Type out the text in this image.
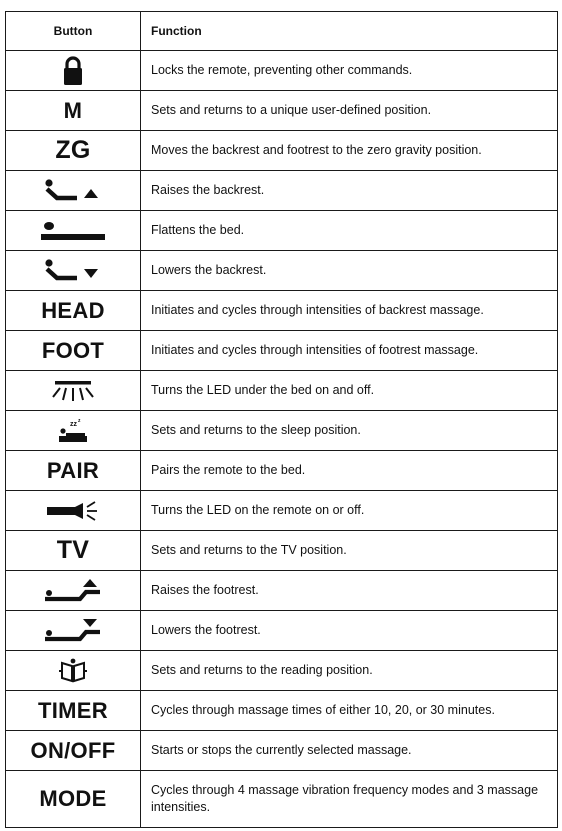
Button	Function

	Locks the remote, preventing other commands.
M	Sets and returns to a unique user-defined position.
ZG	Moves the backrest and footrest to the zero gravity position.

	Raises the backrest.

	Flattens the bed.

	Lowers the backrest.
HEAD	Initiates and cycles through intensities of backrest massage.
FOOT	Initiates and cycles through intensities of footrest massage.

	Turns the LED under the bed on and off.

zz z	Sets and returns to the sleep position.
PAIR	Pairs the remote to the bed.

	Turns the LED on the remote on or off.
TV	Sets and returns to the TV position.

	Raises the footrest.

	Lowers the footrest.

	Sets and returns to the reading position.
TIMER	Cycles through massage times of either 10, 20, or 30 minutes.
ON/OFF	Starts or stops the currently selected massage.
MODE	Cycles through 4 massage vibration frequency modes and 3 massage intensities.
